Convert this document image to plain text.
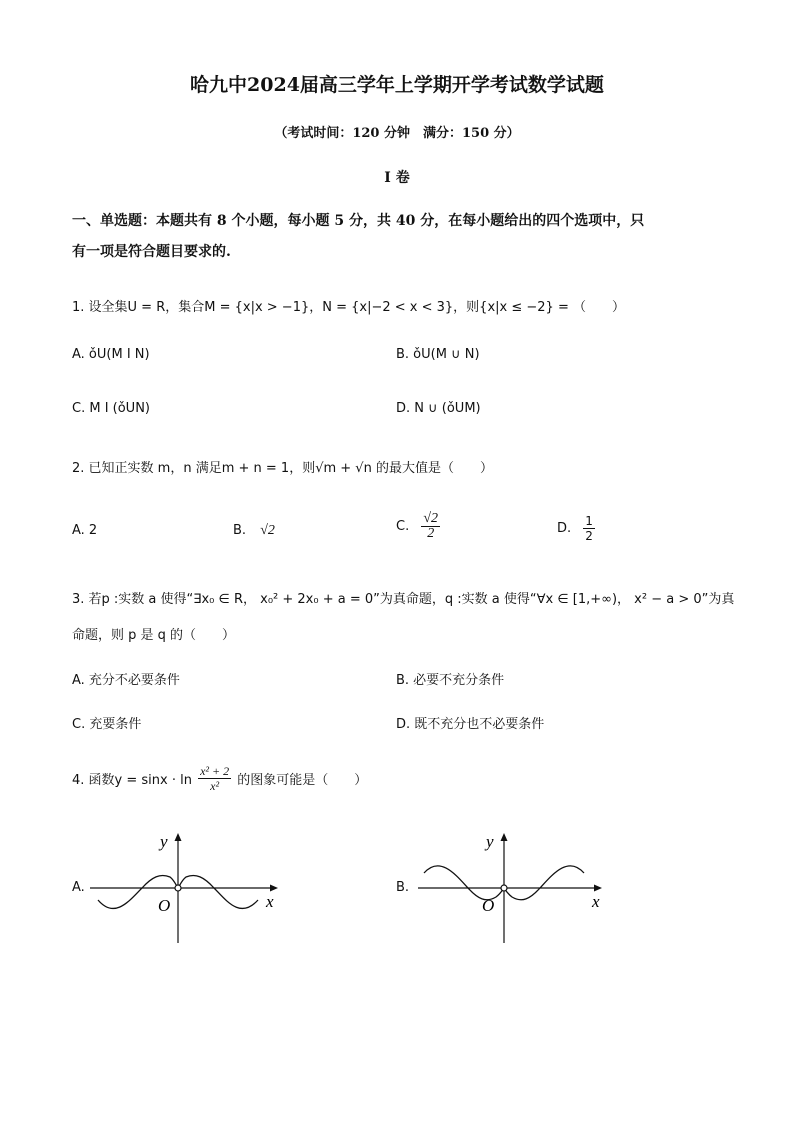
哈九中2024届高三学年上学期开学考试数学试题
（考试时间：120 分钟　满分：150 分）
I 卷
一、单选题：本题共有 8 个小题，每小题 5 分，共 40 分，在每小题给出的四个选项中，只
有一项是符合题目要求的.
1. 设全集U = R，集合M = {x|x > −1}，N = {x|−2 < x < 3}，则{x|x ≤ −2} = （　　）
A. ǒU(M I N)	B. ǒU(M ∪ N)
C. M I (ǒUN)	D. N ∪ (ǒUM)
2. 已知正实数 m，n 满足m + n = 1，则√m + √n 的最大值是（　　）
A. 2	B. √2	C. $\frac{√2}{2}$	D. $\frac{1}{2}$
3. 若p :实数 a 使得“∃x₀ ∈ R， x₀² + 2x₀ + a = 0”为真命题，q :实数 a 使得“∀x ∈ [1,+∞)， x² − a > 0”为真
命题，则 p 是 q 的（　　）
A. 充分不必要条件	B. 必要不充分条件
C. 充要条件	D. 既不充分也不必要条件
4. 函数$y = \sin x \cdot \ln \frac{\text{x² + 2}}{\text{x²}}$ 的图象可能是（　　）
A.
y
x
O
B.
y
x
O
